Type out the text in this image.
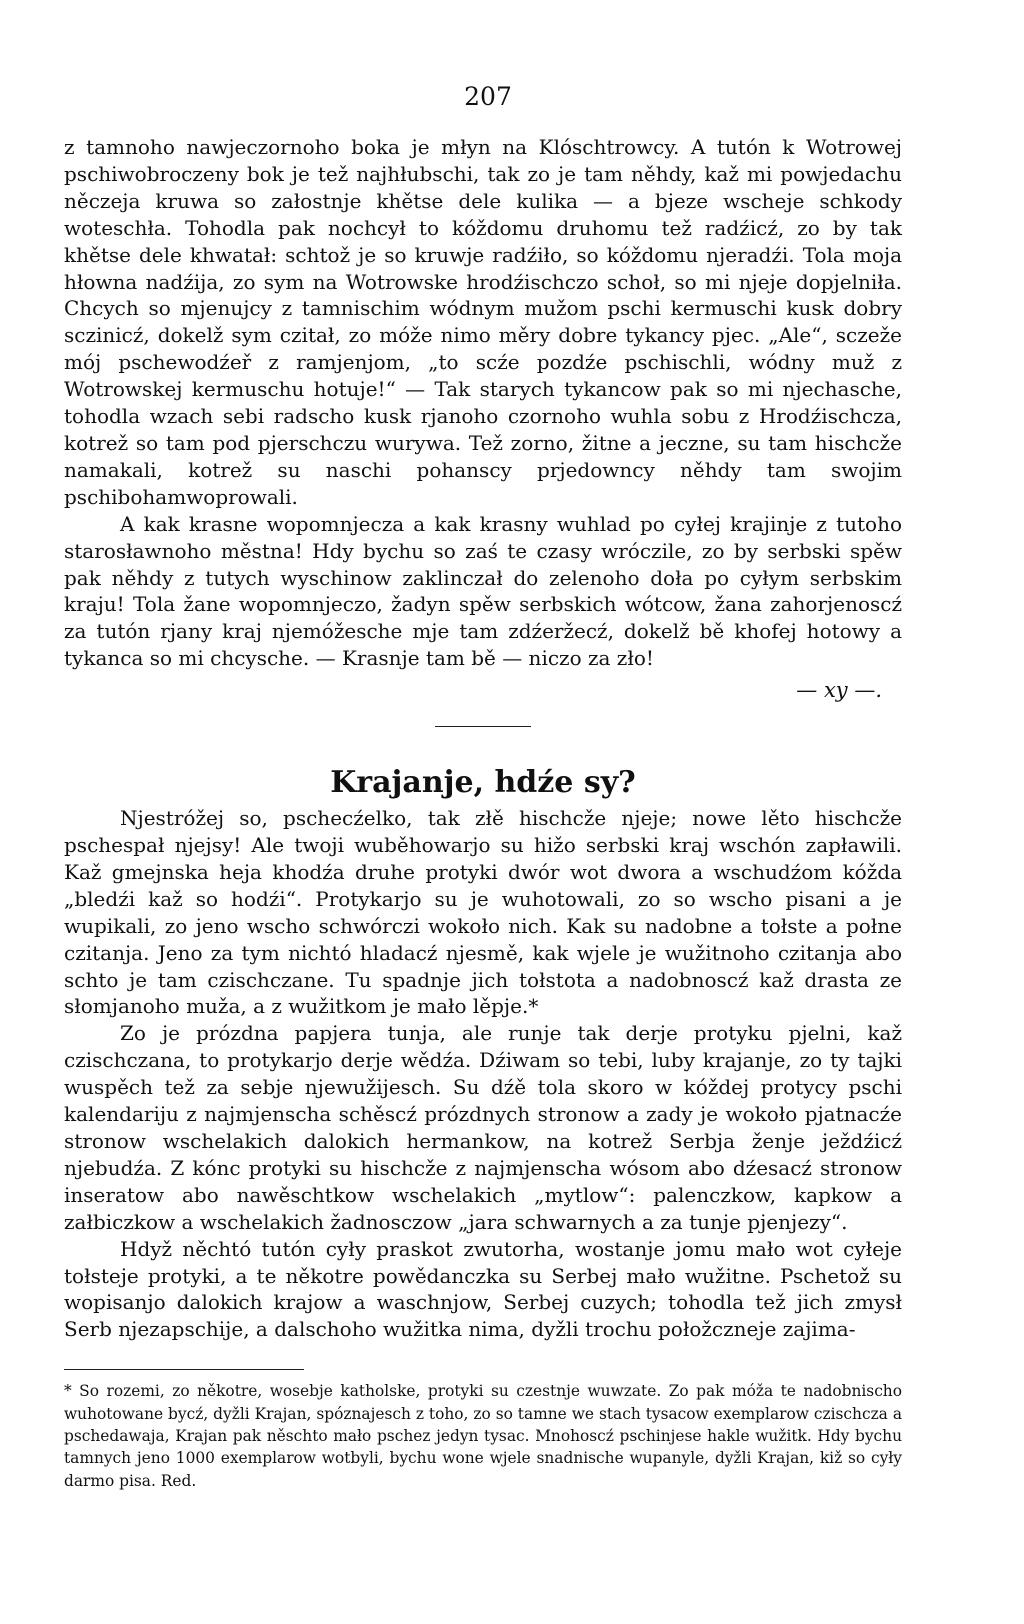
207

z tamnoho nawjeczornoho boka je młyn na Klóschtrowcy. A tutón k Wotrowej pschiwobroczeny bok je tež najhłubschi, tak zo je tam něhdy, kaž mi powjedachu něczeja kruwa so załostnje khětse dele kulika — a bjeze wscheje schkody woteschła. Tohodla pak nochcył to kóždomu druhomu tež radźicź, zo by tak khětse dele khwatał: schtož je so kruwje radźiło, so kóždomu njeradźi. Tola moja hłowna nadźija, zo sym na Wotrowske hrodźischczo schoł, so mi njeje dopjelniła. Chcych so mjenujcy z tamnischim wódnym mužom pschi kermuschi kusk dobry sczinicź, dokelž sym czitał, zo móže nimo měry dobre tykancy pjec. „Ale“, sczeže mój pschewodźeř z ramjenjom, „to scźe pozdźe pschischli, wódny muž z Wotrowskej kermuschu hotuje!“ — Tak starych tykancow pak so mi njechasche, tohodla wzach sebi radscho kusk rjanoho czornoho wuhla sobu z Hrodźischcza, kotrež so tam pod pjerschczu wurywa. Tež zorno, žitne a jeczne, su tam hischcže namakali, kotrež su naschi pohanscy prjedowncy něhdy tam swojim pschibohamwoprowali.

A kak krasne wopomnjeczа a kak krasny wuhlad po cyłej krajinje z tutoho starosławnoho městna! Hdy bychu so zaś te czasy wróczile, zo by serbski spěw pak něhdy z tutych wyschinow zaklinczał do zelenoho doła po cyłym serbskim kraju! Tola žane wopomnjeczo, žadyn spěw serbskich wótcow, žana zahorjenoscź za tutón rjany kraj njemóžesche mje tam zdźeržecź, dokelž bě khofej hotowy a tykanca so mi chcysche. — Krasnje tam bě — niczo za zło!

— xy —.
Krajanje, hdźe sy?

Njestróžej so, pschecźelko, tak złě hischcže njeje; nowe lěto hischcže pschespał njejsy! Ale twoji wuběhowarjo su hižo serbski kraj wschón zapławili. Kaž gmejnska heja khodźa druhe protyki dwór wot dwora a wschudźom kóžda „bledźi kaž so hodźi“. Protykarjo su je wuhotowali, zo so wscho pisani a je wupikali, zo jeno wscho schwórczi wokoło nich. Kak su nadobne a tołste a połne czitanja. Jeno za tym nichtó hladacź njesmě, kak wjele je wužitnoho czitanja abo schto je tam czischczane. Tu spadnje jich tołstota a nadobnoscź kaž drasta ze słomjanoho muža, a z wužitkom je mało lěpje.*

Zo je prózdna papjera tunja, ale runje tak derje protyku pjelni, kaž czischczana, to protykarjo derje wědźa. Dźiwam so tebi, luby krajanje, zo ty tajki wuspěch tež za sebje njewužijesch. Su dźě tola skoro w kóždej protycy pschi kalendariju z najmjenscha schěscź prózdnych stronow a zady je wokoło pjatnacźe stronow wschelakich dalokich hermankow, na kotrež Serbja ženje ježdźicź njebudźa. Z kónc protyki su hischcže z najmjenscha wósom abo dźesacź stronow inseratow abo nawěschtkow wschelakich „mytlow“: palenczkow, kapkow a załbiczkow a wschelakich žadnosczow „jara schwarnych a za tunje pjenjezy“.

Hdyž něchtó tutón cyły praskot zwutorha, wostanje jomu mało wot cyłeje tołsteje protyki, a te někotre powědanczka su Serbej mało wužitne. Pschetož su wopisanjo dalokich krajow a waschnjow, Serbej cuzych; tohodla tež jich zmysł Serb njezapschije, a dalschoho wužitka nima, dyžli trochu połožczneje zajima-

* So rozemi, zo někotre, wosebje katholske, protyki su czestnje wuwzate. Zo pak móža te nadobnischo wuhotowane bycź, dyžli Krajan, spóznajesch z toho, zo so tamne we stach tysacow exemplarow czischczа a pschedawaja, Krajan pak něschto mało pschez jedyn tysac. Mnohoscź pschinjese hakle wužitk. Hdy bychu tamnych jeno 1000 exemplarow wotbyli, bychu wone wjele snadnische wupanyle, dyžli Krajan, kiž so cyły darmo pisa. Red.
